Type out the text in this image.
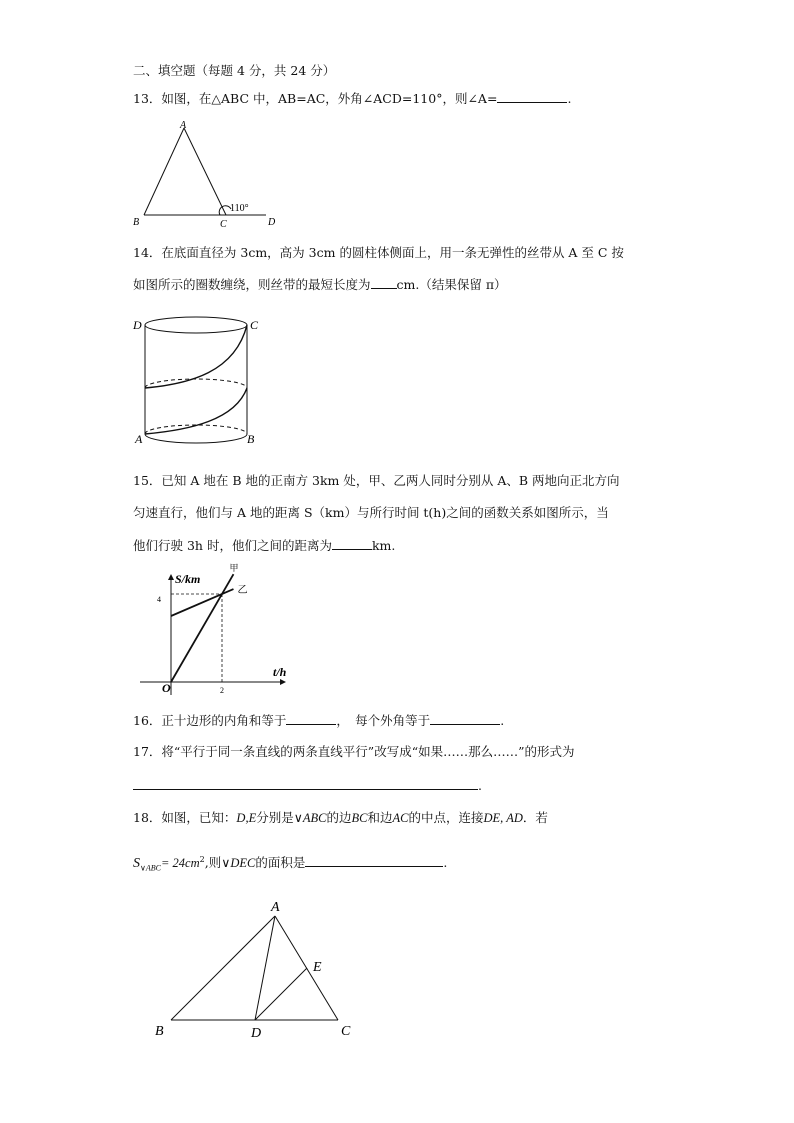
二、填空题（每题 4 分，共 24 分）
13．如图，在△ABC 中，AB=AC，外角∠ACD=110°，则∠A=	.
A
B	C	D
110°
14．在底面直径为 3cm，高为 3cm 的圆柱体侧面上，用一条无弹性的丝带从 A 至 C 按
如图所示的圈数缠绕，则丝带的最短长度为 cm.（结果保留 π）
D	C
A	B
15．已知 A 地在 B 地的正南方 3km 处，甲、乙两人同时分别从 A、B 两地向正北方向
匀速直行，他们与 A 地的距离 S（km）与所行时间 t(h)之间的函数关系如图所示，当
他们行驶 3h 时，他们之间的距离为	km.
甲
乙
4
2
S/km
t/h
O
16．正十边形的内角和等于	，　每个外角等于	.
17．将“平行于同一条直线的两条直线平行”改写成“如果……那么……”的形式为
.
18．如图，已知：D,E分别是∨ABC的边BC和边AC的中点，连接DE, AD．若
$S_{\vee ABC}= 24cm^2$,则∨DEC的面积是	.
A
B	D	C
E
